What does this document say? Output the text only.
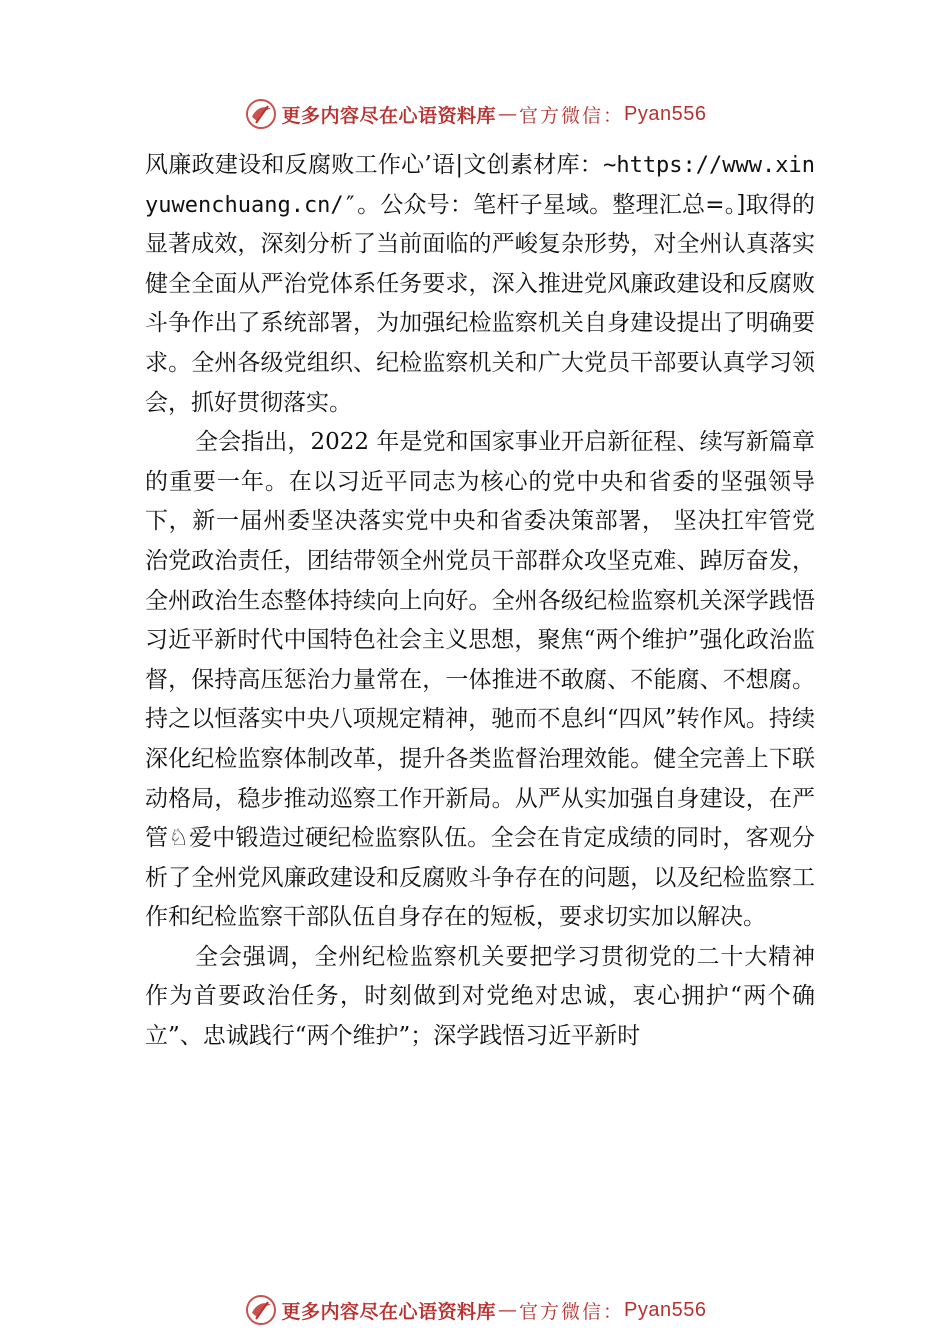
更多内容尽在心语资料库 — 官方微信： Pyan556

风廉政建设和反腐败工作心’语|文创素材库：~https://www.xinyuwenchuang.cn/″。公众号：笔杆子星域。整理汇总=。]取得的显著成效，深刻分析了当前面临的严峻复杂形势，对全州认真落实健全全面从严治党体系任务要求，深入推进党风廉政建设和反腐败斗争作出了系统部署，为加强纪检监察机关自身建设提出了明确要求。全州各级党组织、纪检监察机关和广大党员干部要认真学习领会，抓好贯彻落实。

全会指出，2022 年是党和国家事业开启新征程、续写新篇章的重要一年。在以习近平同志为核心的党中央和省委的坚强领导下，新一届州委坚决落实党中央和省委决策部署， 坚决扛牢管党治党政治责任，团结带领全州党员干部群众攻坚克难、踔厉奋发，全州政治生态整体持续向上向好。全州各级纪检监察机关深学践悟习近平新时代中国特色社会主义思想，聚焦“两个维护”强化政治监督，保持高压惩治力量常在，一体推进不敢腐、不能腐、不想腐。持之以恒落实中央八项规定精神，驰而不息纠“四风”转作风。持续深化纪检监察体制改革，提升各类监督治理效能。健全完善上下联动格局，稳步推动巡察工作开新局。从严从实加强自身建设，在严管♘爱中锻造过硬纪检监察队伍。全会在肯定成绩的同时，客观分析了全州党风廉政建设和反腐败斗争存在的问题，以及纪检监察工作和纪检监察干部队伍自身存在的短板，要求切实加以解决。

全会强调，全州纪检监察机关要把学习贯彻党的二十大精神作为首要政治任务，时刻做到对党绝对忠诚，衷心拥护“两个确立”、忠诚践行“两个维护”；深学践悟习近平新时

更多内容尽在心语资料库 — 官方微信： Pyan556
